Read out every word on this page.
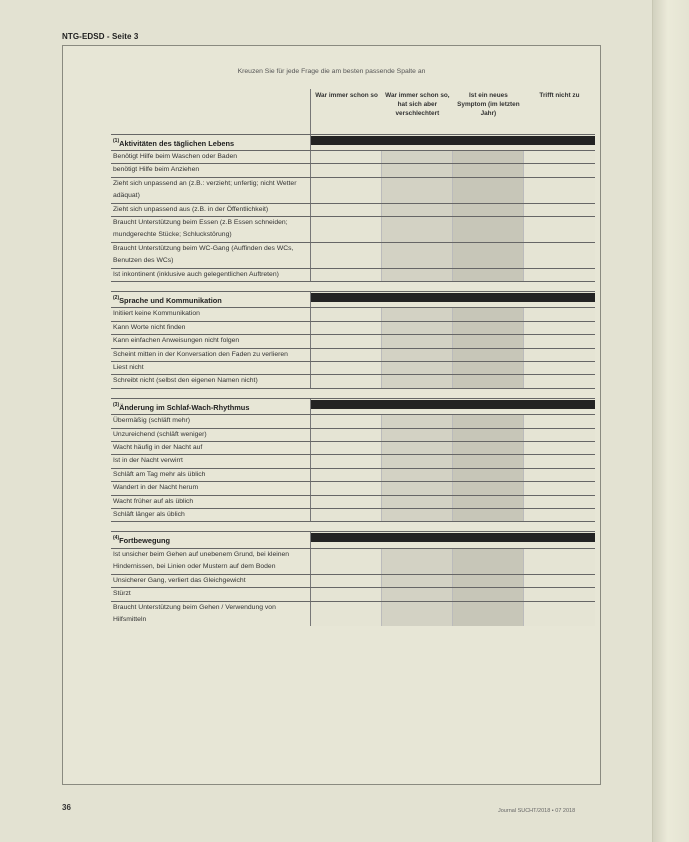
NTG-EDSD - Seite 3
Kreuzen Sie für jede Frage die am besten passende Spalte an
	War immer schon so	War immer schon so, hat sich aber verschlechtert	Ist ein neues Symptom (im letzten Jahr)	Trifft nicht zu
$^{(1)}$Aktivitäten des täglichen Lebens				

Benötigt Hilfe beim Waschen oder Baden				
benötigt Hilfe beim Anziehen				
Zieht sich unpassend an (z.B.: verzieht; unfertig; nicht Wetter adäquat)				
Zieht sich unpassend aus (z.B. in der Öffentlichkeit)				
Braucht Unterstützung beim Essen (z.B Essen schneiden; mundgerechte Stücke; Schluckstörung)				
Braucht Unterstützung beim WC-Gang (Auffinden des WCs, Benutzen des WCs)				
Ist inkontinent (inklusive auch gelegentlichen Auftreten)				

$^{(2)}$Sprache und Kommunikation				

Initiiert keine Kommunikation				
Kann Worte nicht finden				
Kann einfachen Anweisungen nicht folgen				
Scheint mitten in der Konversation den Faden zu verlieren				
Liest nicht				
Schreibt nicht (selbst den eigenen Namen nicht)				

$^{(3)}$Änderung im Schlaf-Wach-Rhythmus				

Übermäßig (schläft mehr)				
Unzureichend (schläft weniger)				
Wacht häufig in der Nacht auf				
Ist in der Nacht verwirrt				
Schläft am Tag mehr als üblich				
Wandert in der Nacht herum				
Wacht früher auf als üblich				
Schläft länger als üblich				

$^{(4)}$Fortbewegung				

Ist unsicher beim Gehen auf unebenem Grund, bei kleinen Hindernissen, bei Linien oder Mustern auf dem Boden				
Unsicherer Gang, verliert das Gleichgewicht				
Stürzt				
Braucht Unterstützung beim Gehen / Verwendung von Hilfsmitteln				
36	Journal SUCHT/2018 • 07 2018
